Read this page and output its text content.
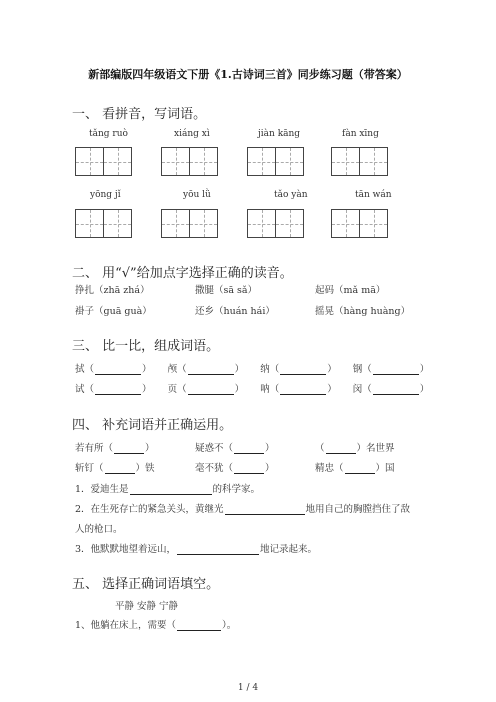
新部编版四年级语文下册《1.古诗词三首》同步练习题（带答案）
一、 看拼音，写词语。
tǎng ruò	xiáng xì	jiàn kāng	fàn xīng
yōng jǐ	yōu lǜ	tǎo yàn	tān wán
二、 用“√”给加点字选择正确的读音。
挣扎（zhā zhá）	撒腿（sā sǎ）	起码（mǎ mā）
褂子（guā guà）	还乡（huán hái）	摇晃（hàng huàng）
三、 比一比，组成词语。
拭（	） 颅（	） 纳（	） 钢（	）
试（	） 页（	） 呐（	） 闵（	）
四、 补充词语并正确运用。
若有所（	）	疑惑不（	）	（	）名世界
斩钉（	）铁	毫不犹（	）	精忠（	）国
1．爱迪生是	的科学家。
2．在生死存亡的紧急关头，黄继光	地用自己的胸膛挡住了敌
人的枪口。
3．他默默地望着远山，	地记录起来。
五、 选择正确词语填空。
平静 安静 宁静
1、他躺在床上，需要（	）。
1 / 4
